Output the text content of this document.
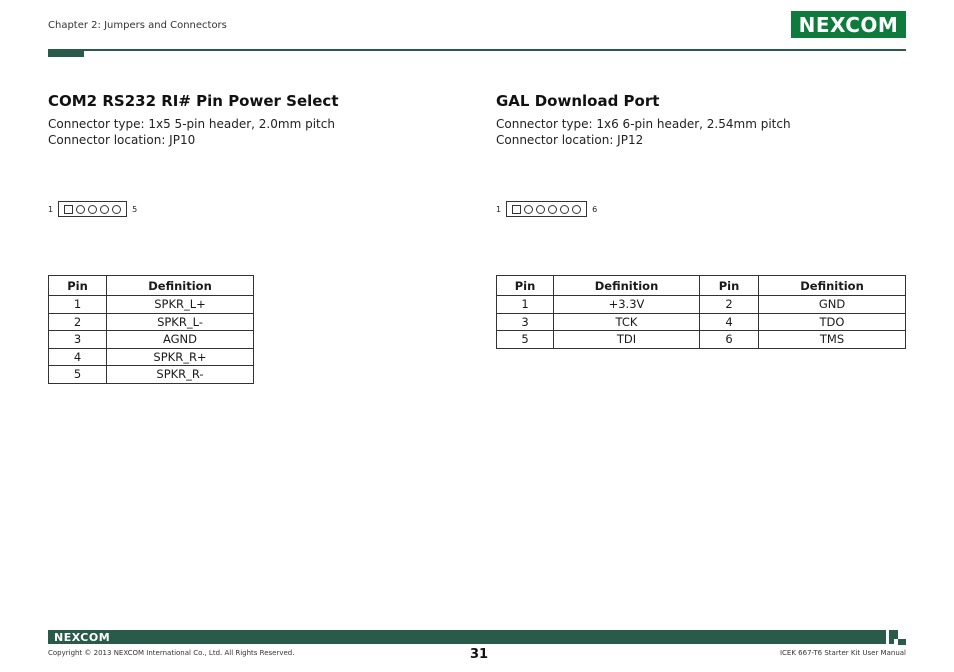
Chapter 2: Jumpers and Connectors	NEXCOM
COM2 RS232 RI# Pin Power Select
Connector type: 1x5 5-pin header, 2.0mm pitch
Connector location: JP10
1	5
Pin	Definition
1	SPKR_L+
2	SPKR_L-
3	AGND
4	SPKR_R+
5	SPKR_R-
GAL Download Port
Connector type: 1x6 6-pin header, 2.54mm pitch
Connector location: JP12
1	6
Pin	Definition	Pin	Definition
1	+3.3V	2	GND
3	TCK	4	TDO
5	TDI	6	TMS
NEXCOM
Copyright © 2013 NEXCOM International Co., Ltd. All Rights Reserved.	31	ICEK 667-T6 Starter Kit User Manual
